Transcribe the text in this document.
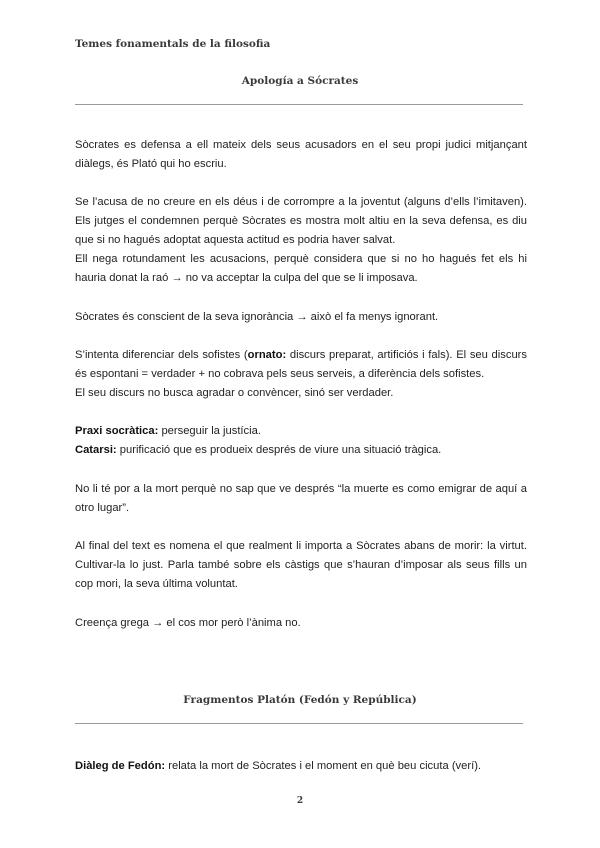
Temes fonamentals de la filosofia
Apología a Sócrates
Sòcrates es defensa a ell mateix dels seus acusadors en el seu propi judici mitjançant diàlegs, és Plató qui ho escriu.
Se l’acusa de no creure en els déus i de corrompre a la joventut (alguns d’ells l’imitaven). Els jutges el condemnen perquè Sòcrates es mostra molt altiu en la seva defensa, es diu que si no hagués adoptat aquesta actitud es podria haver salvat.
Ell nega rotundament les acusacions, perquè considera que si no ho hagués fet els hi hauria donat la raó → no va acceptar la culpa del que se li imposava.
Sòcrates és conscient de la seva ignorància → això el fa menys ignorant.
S’intenta diferenciar dels sofistes (ornato: discurs preparat, artificiós i fals). El seu discurs és espontani = verdader + no cobrava pels seus serveis, a diferència dels sofistes.
El seu discurs no busca agradar o convèncer, sinó ser verdader.
Praxi socràtica: perseguir la justícia.
Catarsi: purificació que es produeix després de viure una situació tràgica.
No li té por a la mort perquè no sap que ve després “la muerte es como emigrar de aquí a otro lugar”.
Al final del text es nomena el que realment li importa a Sòcrates abans de morir: la virtut. Cultivar-la lo just. Parla també sobre els càstigs que s’hauran d’imposar als seus fills un cop mori, la seva última voluntat.
Creença grega → el cos mor però l’ànima no.
Fragmentos Platón (Fedón y República)
Diàleg de Fedón: relata la mort de Sòcrates i el moment en què beu cicuta (verí).
2
